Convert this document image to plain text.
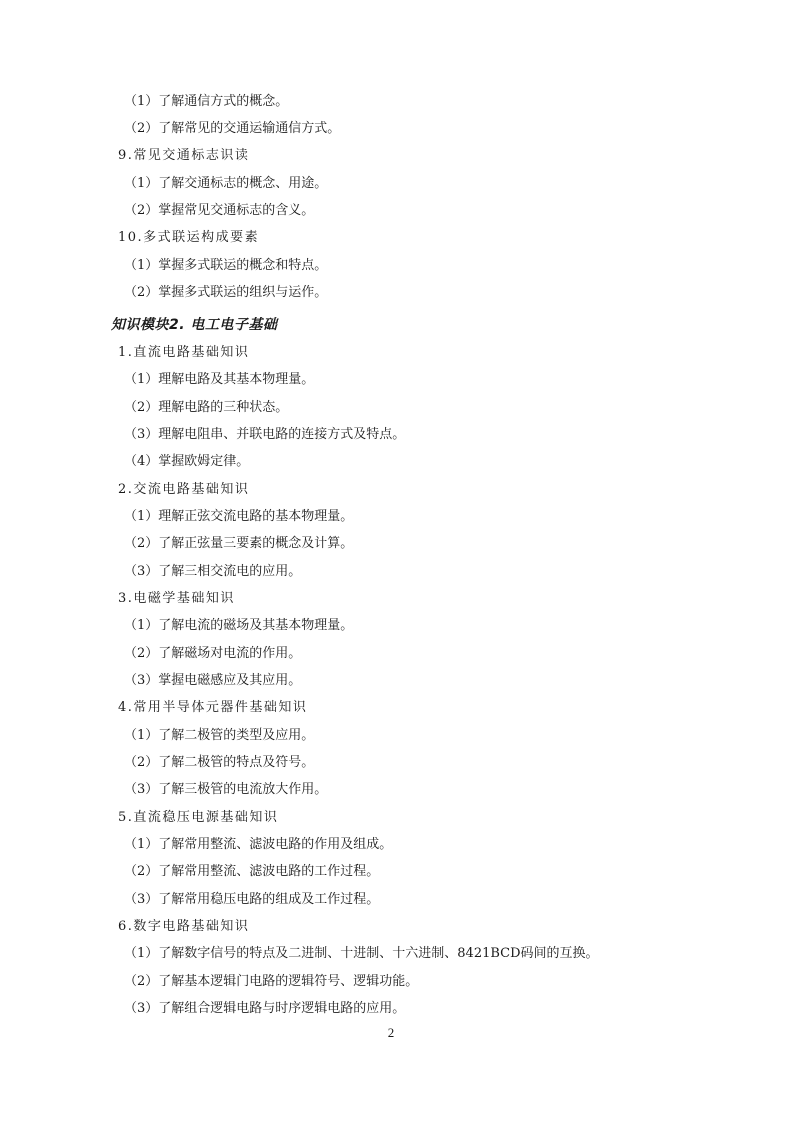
（1）了解通信方式的概念。
（2）了解常见的交通运输通信方式。
9.常见交通标志识读
（1）了解交通标志的概念、用途。
（2）掌握常见交通标志的含义。
10.多式联运构成要素
（1）掌握多式联运的概念和特点。
（2）掌握多式联运的组织与运作。
知识模块2. 电工电子基础
1.直流电路基础知识
（1）理解电路及其基本物理量。
（2）理解电路的三种状态。
（3）理解电阻串、并联电路的连接方式及特点。
（4）掌握欧姆定律。
2.交流电路基础知识
（1）理解正弦交流电路的基本物理量。
（2）了解正弦量三要素的概念及计算。
（3）了解三相交流电的应用。
3.电磁学基础知识
（1）了解电流的磁场及其基本物理量。
（2）了解磁场对电流的作用。
（3）掌握电磁感应及其应用。
4.常用半导体元器件基础知识
（1）了解二极管的类型及应用。
（2）了解二极管的特点及符号。
（3）了解三极管的电流放大作用。
5.直流稳压电源基础知识
（1）了解常用整流、滤波电路的作用及组成。
（2）了解常用整流、滤波电路的工作过程。
（3）了解常用稳压电路的组成及工作过程。
6.数字电路基础知识
（1）了解数字信号的特点及二进制、十进制、十六进制、8421BCD码间的互换。
（2）了解基本逻辑门电路的逻辑符号、逻辑功能。
（3）了解组合逻辑电路与时序逻辑电路的应用。
2
